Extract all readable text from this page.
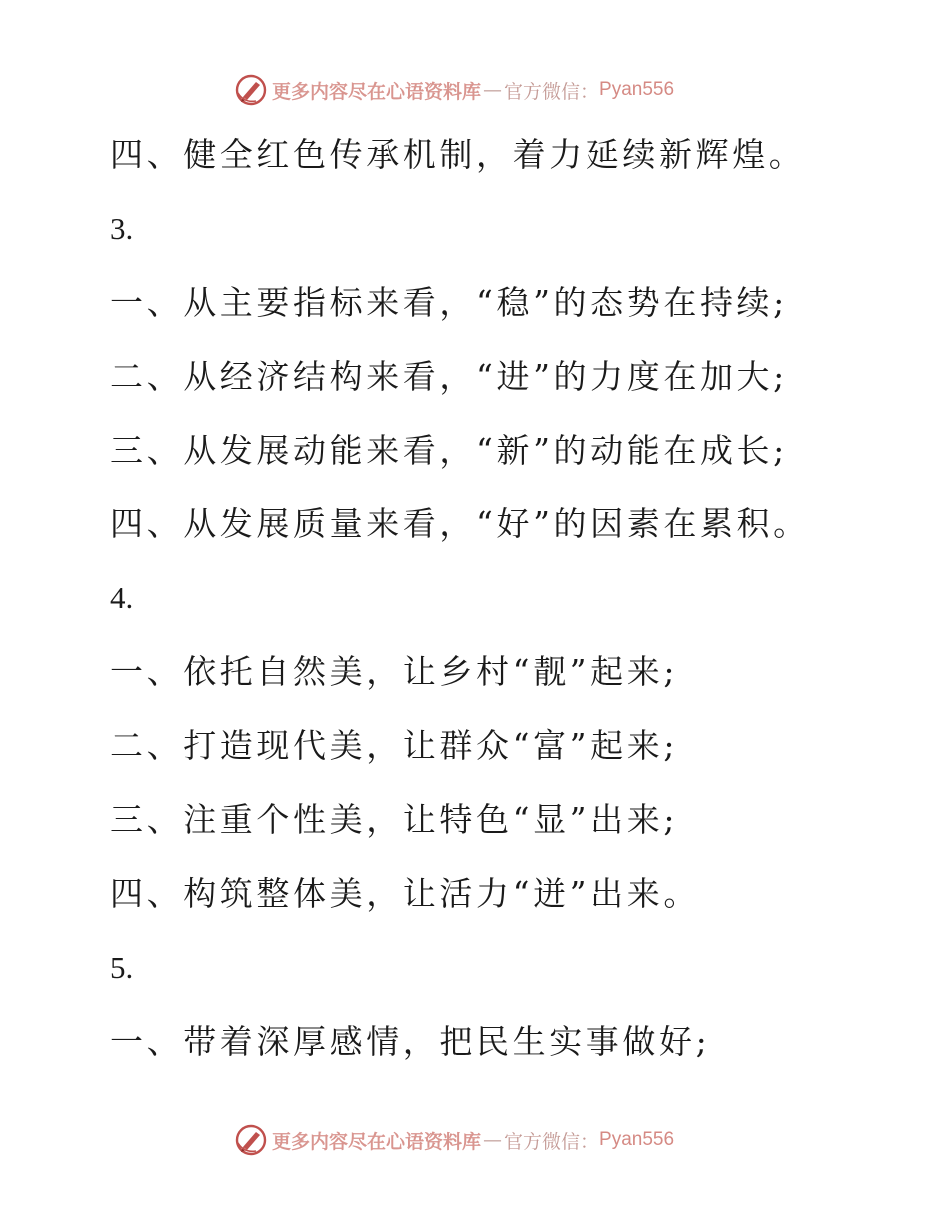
更多内容尽在心语资料库 — 官方微信： Pyan556
四、健全红色传承机制，着力延续新辉煌。
3.
一、从主要指标来看，“稳”的态势在持续;
二、从经济结构来看，“进”的力度在加大;
三、从发展动能来看，“新”的动能在成长;
四、从发展质量来看，“好”的因素在累积。
4.
一、依托自然美，让乡村“靓”起来;
二、打造现代美，让群众“富”起来;
三、注重个性美，让特色“显”出来;
四、构筑整体美，让活力“迸”出来。
5.
一、带着深厚感情，把民生实事做好;
更多内容尽在心语资料库 — 官方微信： Pyan556
